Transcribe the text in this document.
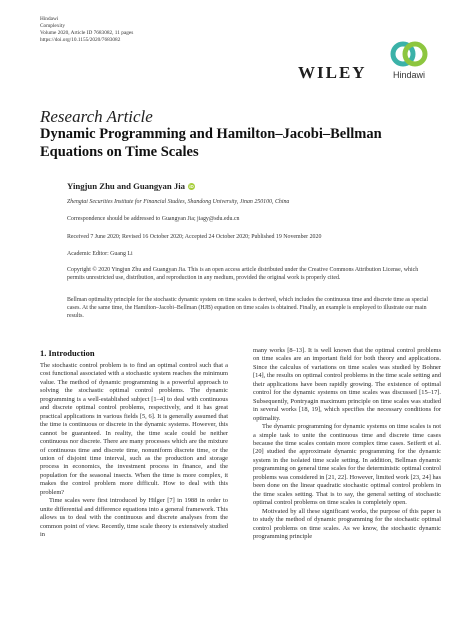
Hindawi
Complexity
Volume 2020, Article ID 7683082, 11 pages
https://doi.org/10.1155/2020/7683082
WILEY	Hindawi
Research Article
Dynamic Programming and Hamilton–Jacobi–Bellman Equations on Time Scales
Yingjun Zhu and Guangyan Jia iD
Zhengtai Securities Institute for Financial Studies, Shandong University, Jinan 250100, China
Correspondence should be addressed to Guangyan Jia; jiagy@sdu.edu.cn
Received 7 June 2020; Revised 16 October 2020; Accepted 24 October 2020; Published 19 November 2020
Academic Editor: Guang Li
Copyright © 2020 Yingjun Zhu and Guangyan Jia. This is an open access article distributed under the Creative Commons Attribution License, which permits unrestricted use, distribution, and reproduction in any medium, provided the original work is properly cited.
Bellman optimality principle for the stochastic dynamic system on time scales is derived, which includes the continuous time and discrete time as special cases. At the same time, the Hamilton–Jacobi–Bellman (HJB) equation on time scales is obtained. Finally, an example is employed to illustrate our main results.
1. Introduction

The stochastic control problem is to find an optimal control such that a cost functional associated with a stochastic system reaches the minimum value. The method of dynamic programming is a powerful approach to solving the stochastic optimal control problems. The dynamic programming is a well-established subject [1–4] to deal with continuous and discrete optimal control problems, respectively, and it has great practical applications in various fields [5, 6]. It is generally assumed that the time is continuous or discrete in the dynamic systems. However, this cannot be guaranteed. In reality, the time scale could be neither continuous nor discrete. There are many processes which are the mixture of continuous time and discrete time, nonuniform discrete time, or the union of disjoint time interval, such as the production and storage process in economics, the investment process in finance, and the population for the seasonal insects. When the time is more complex, it makes the control problem more difficult. How to deal with this problem?

Time scales were first introduced by Hilger [7] in 1988 in order to unite differential and difference equations into a general framework. This allows us to deal with the continuous and discrete analyses from the common point of view. Recently, time scale theory is extensively studied in

many works [8–13]. It is well known that the optimal control problems on time scales are an important field for both theory and applications. Since the calculus of variations on time scales was studied by Bohner [14], the results on optimal control problems in the time scale setting and their applications have been rapidly growing. The existence of optimal control for the dynamic systems on time scales was discussed [15–17]. Subsequently, Pontryagin maximum principle on time scales was studied in several works [18, 19], which specifies the necessary conditions for optimality.

The dynamic programming for dynamic systems on time scales is not a simple task to unite the continuous time and discrete time cases because the time scales contain more complex time cases. Seifertt et al. [20] studied the approximate dynamic programming for the dynamic system in the isolated time scale setting. In addition, Bellman dynamic programming on general time scales for the deterministic optimal control problems was considered in [21, 22]. However, limited work [23, 24] has been done on the linear quadratic stochastic optimal control problem in the time scales setting. That is to say, the general setting of stochastic optimal control problems on time scales is completely open.

Motivated by all these significant works, the purpose of this paper is to study the method of dynamic programming for the stochastic optimal control problems on time scales. As we know, the stochastic dynamic programming principle
